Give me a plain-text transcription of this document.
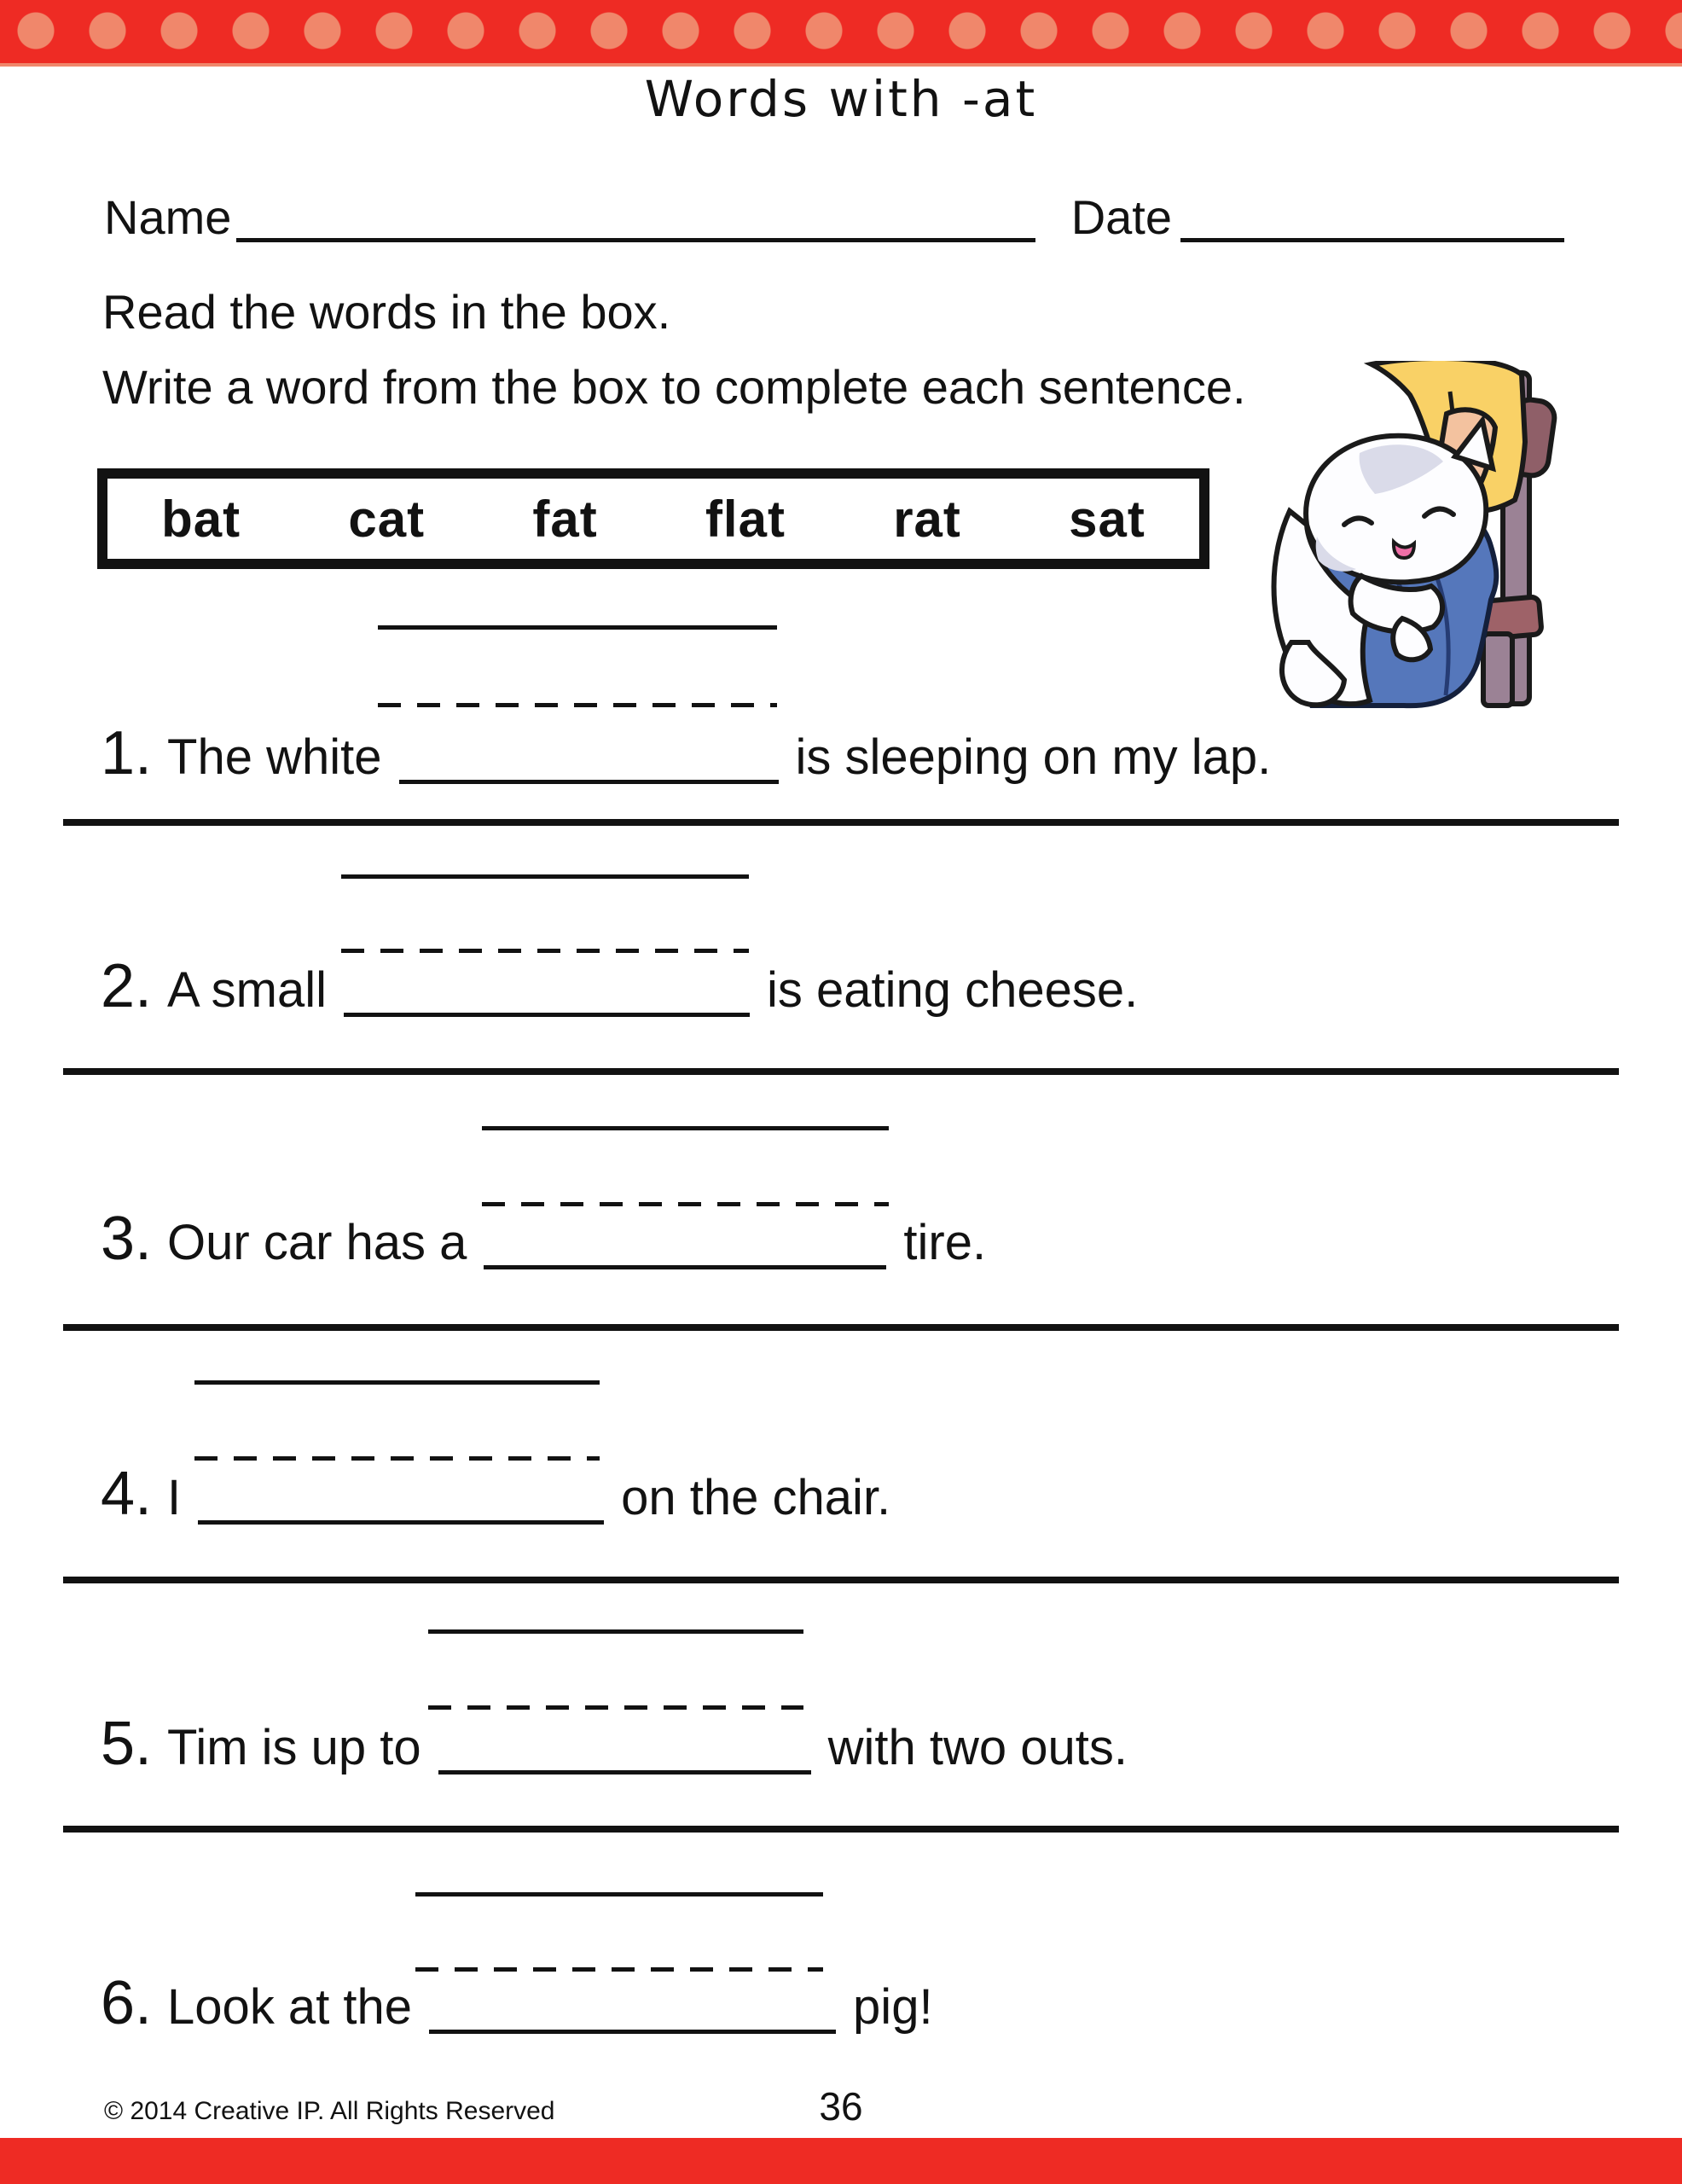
Words with -at
Name	Date
Read the words in the box.
Write a word from the box to complete each sentence.
bat cat fat flat rat sat
1. The white	is sleeping on my lap.
2. A small	is eating cheese.
3. Our car has a	tire.
4. I	on the chair.
5. Tim is up to	with two outs.
6. Look at the	pig!
© 2014 Creative IP. All Rights Reserved	36
